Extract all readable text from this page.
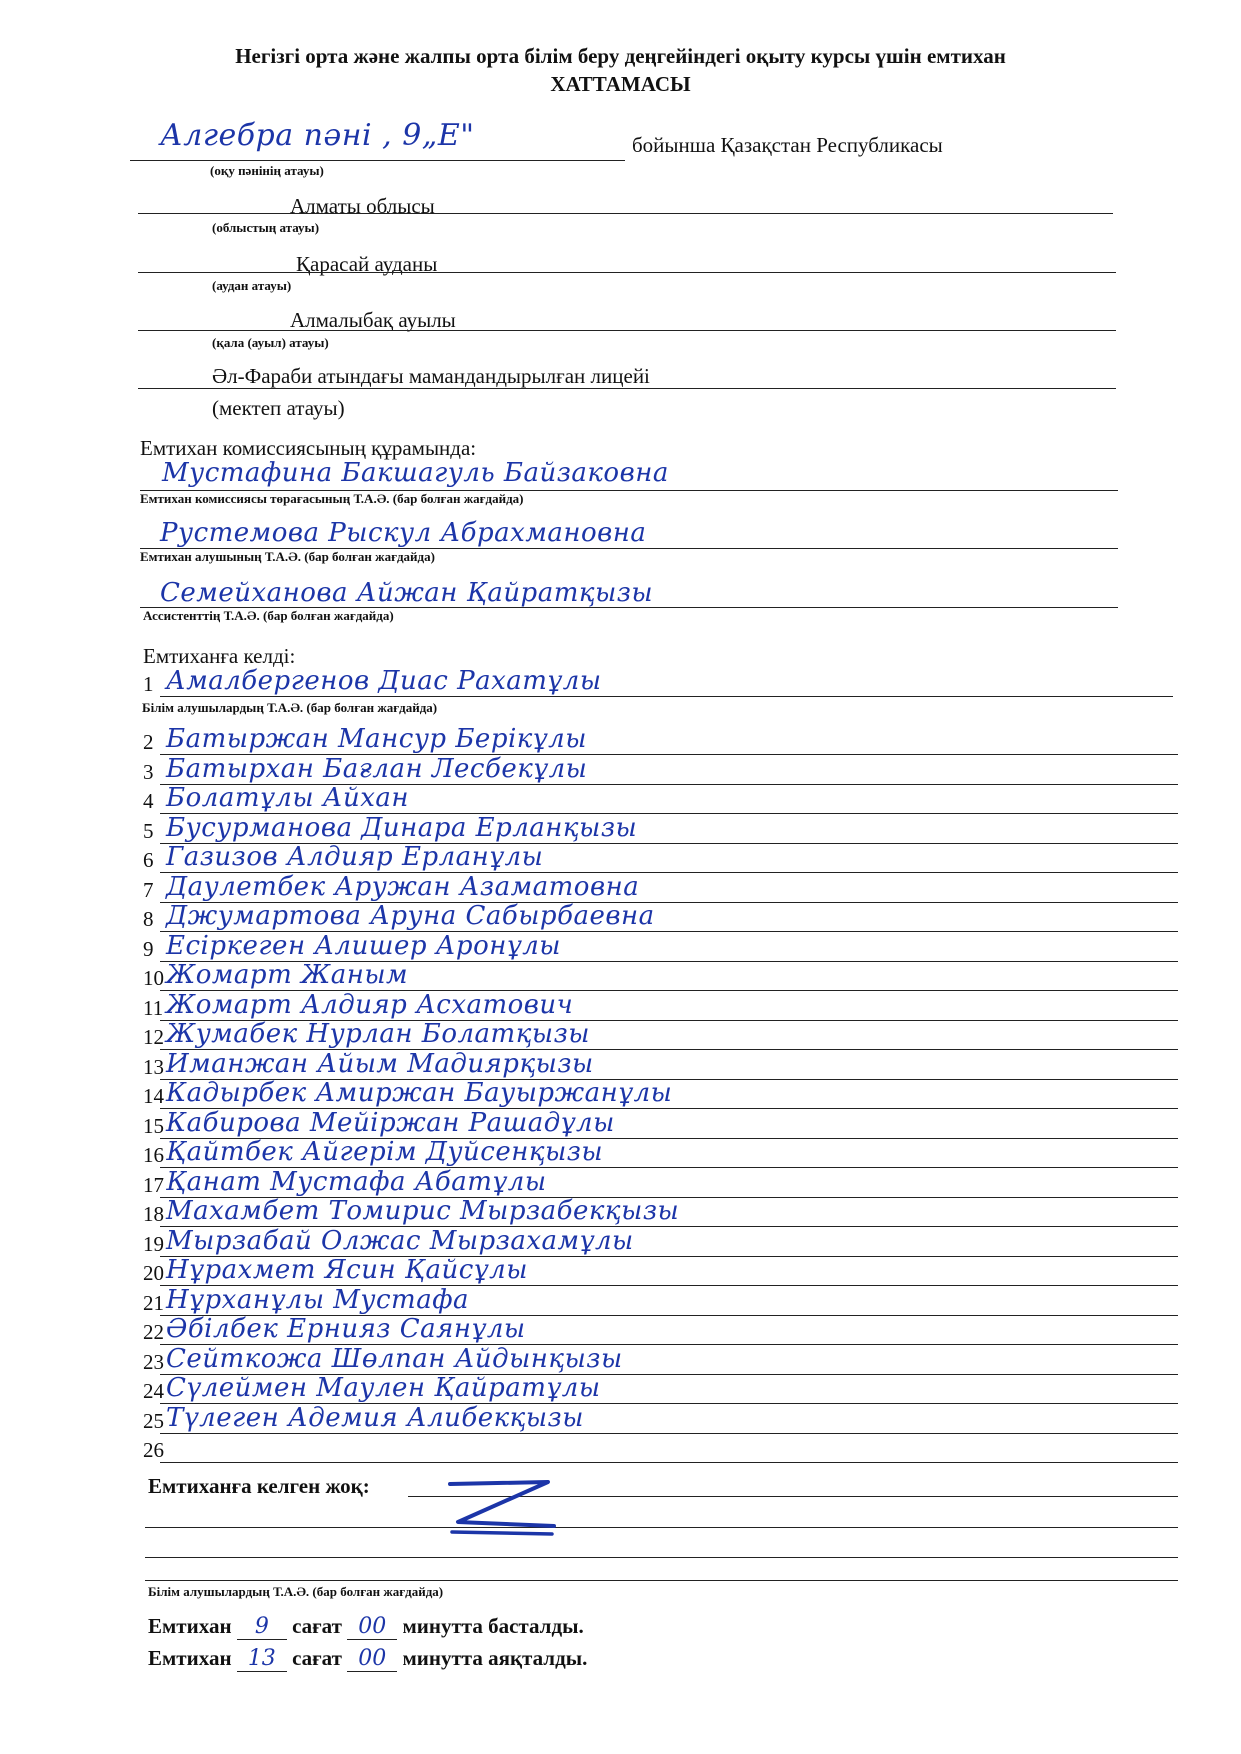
Негізгі орта және жалпы орта білім беру деңгейіндегі оқыту курсы үшін емтихан
ХАТТАМАСЫ
Алгебра пәні , 9„Е"	бойынша Қазақстан Республикасы
(оқу пәнінің атауы)
Алматы облысы
(облыстың атауы)
Қарасай ауданы
(аудан атауы)
Алмалыбақ ауылы
(қала (ауыл) атауы)
Әл-Фараби атындағы мамандандырылған лицейі
(мектеп атауы)
Емтихан комиссиясының құрамында:
Мустафина Бакшагуль Байзаковна
Емтихан комиссиясы төрағасының Т.А.Ә. (бар болған жағдайда)
Рустемова Рыскул Абрахмановна
Емтихан алушының Т.А.Ә. (бар болған жағдайда)
Семейханова Айжан Қайратқызы
Ассистенттің Т.А.Ә. (бар болған жағдайда)
Емтиханға келді:
1 Амалбергенов Диас Рахатұлы
2 Батыржан Мансур Берікұлы
3 Батырхан Бағлан Лесбекұлы
4 Болатұлы Айхан
5 Бусурманова Динара Ерланқызы
6 Газизов Алдияр Ерланұлы
7 Даулетбек Аружан Азаматовна
8 Джумартова Аруна Сабырбаевна
9 Есіркеген Алишер Аронұлы
10 Жомарт Жаным
11 Жомарт Алдияр Асхатович
12 Жумабек Нурлан Болатқызы
13 Иманжан Айым Мадиярқызы
14 Кадырбек Амиржан Бауыржанұлы
15 Кабирова Мейіржан Рашадұлы
16 Қайтбек Айгерім Дуйсенқызы
17 Қанат Мустафа Абатұлы
18 Махамбет Томирис Мырзабекқызы
19 Мырзабай Олжас Мырзахамұлы
20 Нұрахмет Ясин Қайсұлы
21 Нұрханұлы Мустафа
22 Әбілбек Ернияз Саянұлы
23 Сейткожа Шөлпан Айдынқызы
24 Сүлеймен Маулен Қайратұлы
25 Түлеген Адемия Алибекқызы
26
Білім алушылардың Т.А.Ә. (бар болған жағдайда)
Емтиханға келген жоқ:
Білім алушылардың Т.А.Ә. (бар болған жағдайда)
Емтихан 9 сағат 00 минутта басталды.
Емтихан 13 сағат 00 минутта аяқталды.
